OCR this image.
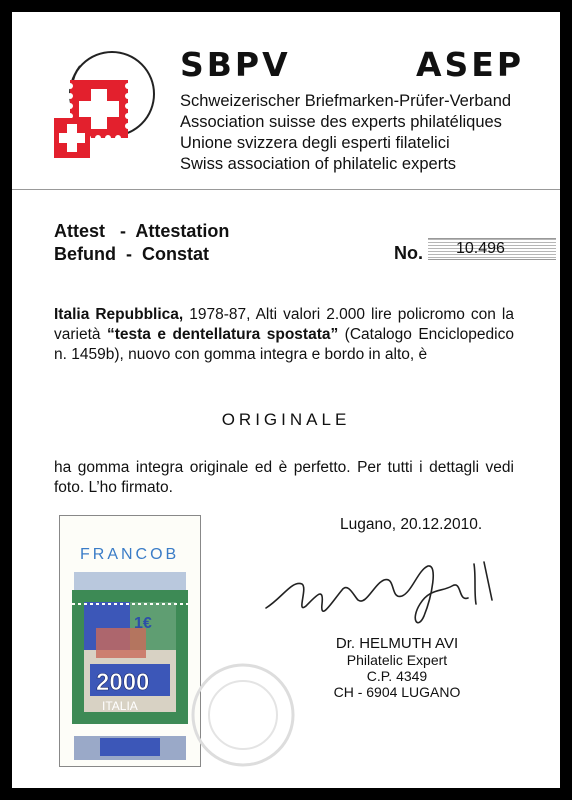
SBPV	ASEP
Schweizerischer Briefmarken-Prüfer-Verband
Association suisse des experts philatéliques
Unione svizzera degli esperti filatelici
Swiss association of philatelic experts
Attest   -  Attestation
Befund  -  Constat	No.	10.496
Italia Repubblica, 1978-87, Alti valori 2.000 lire policromo con la varietà “testa e dentellatura spostata” (Catalogo Enciclopedico n. 1459b), nuovo con gomma integra e bordo in alto, è
ORIGINALE
ha gomma integra originale ed è perfetto. Per tutti i dettagli vedi foto. L’ho firmato.
FRANCOB
1€
2000
ITALIA
Lugano, 20.12.2010.
Dr. HELMUTH AVI
Philatelic Expert
C.P. 4349
CH - 6904 LUGANO
